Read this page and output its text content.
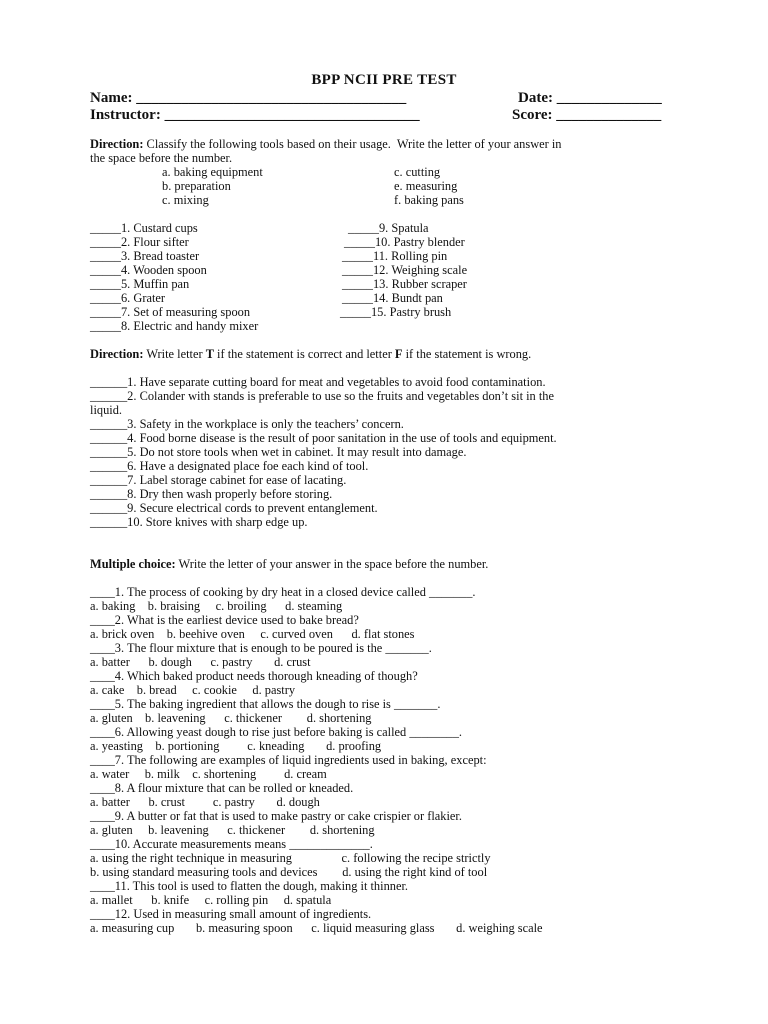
BPP NCII PRE TEST
Name: ____________________________________	Date: ______________
Instructor: __________________________________	Score: ______________
Direction: Classify the following tools based on their usage.  Write the letter of your answer in
the space before the number.
a. baking equipment
b. preparation
c. mixing
c. cutting
e. measuring
f. baking pans
_____1. Custard cups
_____2. Flour sifter
_____3. Bread toaster
_____4. Wooden spoon
_____5. Muffin pan
_____6. Grater
_____7. Set of measuring spoon
_____8. Electric and handy mixer
_____9. Spatula
_____10. Pastry blender
_____11. Rolling pin
_____12. Weighing scale
_____13. Rubber scraper
_____14. Bundt pan
_____15. Pastry brush
Direction: Write letter T if the statement is correct and letter F if the statement is wrong.
______1. Have separate cutting board for meat and vegetables to avoid food contamination.
______2. Colander with stands is preferable to use so the fruits and vegetables don’t sit in the
liquid.
______3. Safety in the workplace is only the teachers’ concern.
______4. Food borne disease is the result of poor sanitation in the use of tools and equipment.
______5. Do not store tools when wet in cabinet. It may result into damage.
______6. Have a designated place foe each kind of tool.
______7. Label storage cabinet for ease of lacating.
______8. Dry then wash properly before storing.
______9. Secure electrical cords to prevent entanglement.
______10. Store knives with sharp edge up.
Multiple choice: Write the letter of your answer in the space before the number.
____1. The process of cooking by dry heat in a closed device called _______.
a. baking    b. braising     c. broiling      d. steaming
____2. What is the earliest device used to bake bread?
a. brick oven    b. beehive oven     c. curved oven      d. flat stones
____3. The flour mixture that is enough to be poured is the _______.
a. batter      b. dough      c. pastry       d. crust
____4. Which baked product needs thorough kneading of though?
a. cake    b. bread     c. cookie     d. pastry
____5. The baking ingredient that allows the dough to rise is _______.
a. gluten    b. leavening      c. thickener        d. shortening
____6. Allowing yeast dough to rise just before baking is called ________.
a. yeasting    b. portioning         c. kneading       d. proofing
____7. The following are examples of liquid ingredients used in baking, except:
a. water     b. milk    c. shortening         d. cream
____8. A flour mixture that can be rolled or kneaded.
a. batter      b. crust         c. pastry       d. dough
____9. A butter or fat that is used to make pastry or cake crispier or flakier.
a. gluten     b. leavening      c. thickener        d. shortening
____10. Accurate measurements means _____________.
a. using the right technique in measuring                c. following the recipe strictly
b. using standard measuring tools and devices        d. using the right kind of tool
____11. This tool is used to flatten the dough, making it thinner.
a. mallet      b. knife     c. rolling pin     d. spatula
____12. Used in measuring small amount of ingredients.
a. measuring cup       b. measuring spoon      c. liquid measuring glass       d. weighing scale
